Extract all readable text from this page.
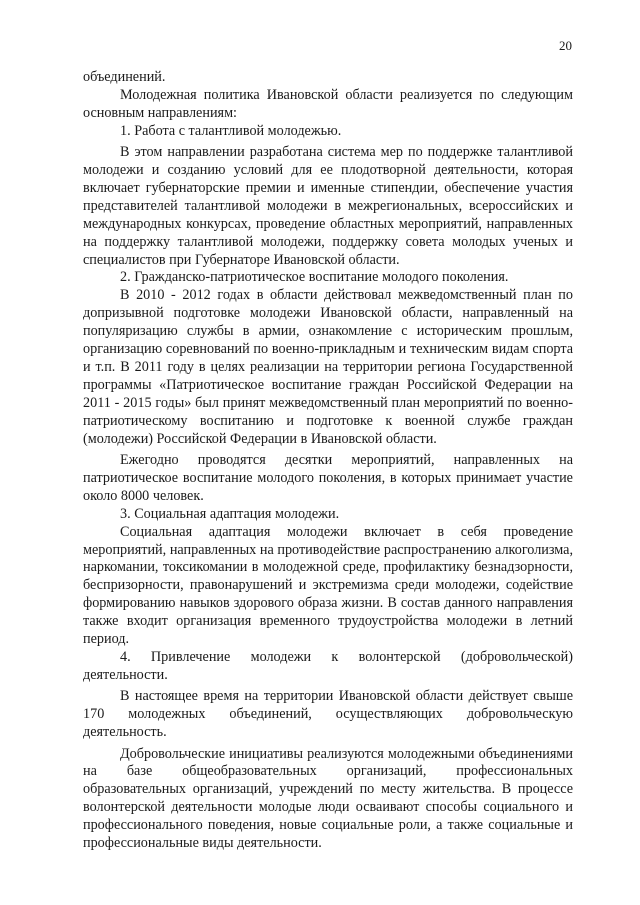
20

объединений.

Молодежная политика Ивановской области реализуется по следующим основным направлениям:

1. Работа с талантливой молодежью.

В этом направлении разработана система мер по поддержке талантливой молодежи и созданию условий для ее плодотворной деятельности, которая включает губернаторские премии и именные стипендии, обеспечение участия представителей талантливой молодежи в межрегиональных, всероссийских и международных конкурсах, проведение областных мероприятий, направленных на поддержку талантливой молодежи, поддержку совета молодых ученых и специалистов при Губернаторе Ивановской области.

2. Гражданско-патриотическое воспитание молодого поколения.

В 2010 - 2012 годах в области действовал межведомственный план по допризывной подготовке молодежи Ивановской области, направленный на популяризацию службы в армии, ознакомление с историческим прошлым, организацию соревнований по военно-прикладным и техническим видам спорта и т.п. В 2011 году в целях реализации на территории региона Государственной программы «Патриотическое воспитание граждан Российской Федерации на 2011 - 2015 годы» был принят межведомственный план мероприятий по военно-патриотическому воспитанию и подготовке к военной службе граждан (молодежи) Российской Федерации в Ивановской области.

Ежегодно проводятся десятки мероприятий, направленных на патриотическое воспитание молодого поколения, в которых принимает участие около 8000 человек.

3. Социальная адаптация молодежи.

Социальная адаптация молодежи включает в себя проведение мероприятий, направленных на противодействие распространению алкоголизма, наркомании, токсикомании в молодежной среде, профилактику безнадзорности, беспризорности, правонарушений и экстремизма среди молодежи, содействие формированию навыков здорового образа жизни. В состав данного направления также входит организация временного трудоустройства молодежи в летний период.

4. Привлечение молодежи к волонтерской (добровольческой) деятельности.

В настоящее время на территории Ивановской области действует свыше 170 молодежных объединений, осуществляющих добровольческую деятельность.

Добровольческие инициативы реализуются молодежными объединениями на базе общеобразовательных организаций, профессиональных образовательных организаций, учреждений по месту жительства. В процессе волонтерской деятельности молодые люди осваивают способы социального и профессионального поведения, новые социальные роли, а также социальные и профессиональные виды деятельности.
